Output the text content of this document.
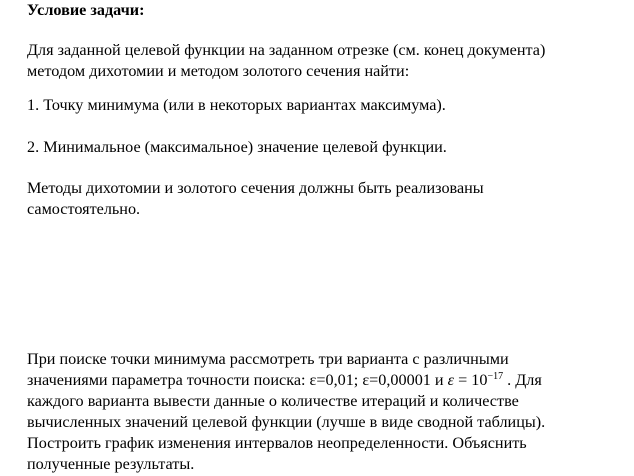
Условие задачи:
Для заданной целевой функции на заданном отрезке (см. конец документа)
методом дихотомии и методом золотого сечения найти:
1. Точку минимума (или в некоторых вариантах максимума).
2. Минимальное (максимальное) значение целевой функции.
Методы дихотомии и золотого сечения должны быть реализованы
самостоятельно.
При поиске точки минимума рассмотреть три варианта с различными
значениями параметра точности поиска: ε=0,01; ε=0,00001 и $\varepsilon = 10^{-17}$ . Для
каждого варианта вывести данные о количестве итераций и количестве
вычисленных значений целевой функции (лучше в виде сводной таблицы).
Построить график изменения интервалов неопределенности. Объяснить
полученные результаты.
